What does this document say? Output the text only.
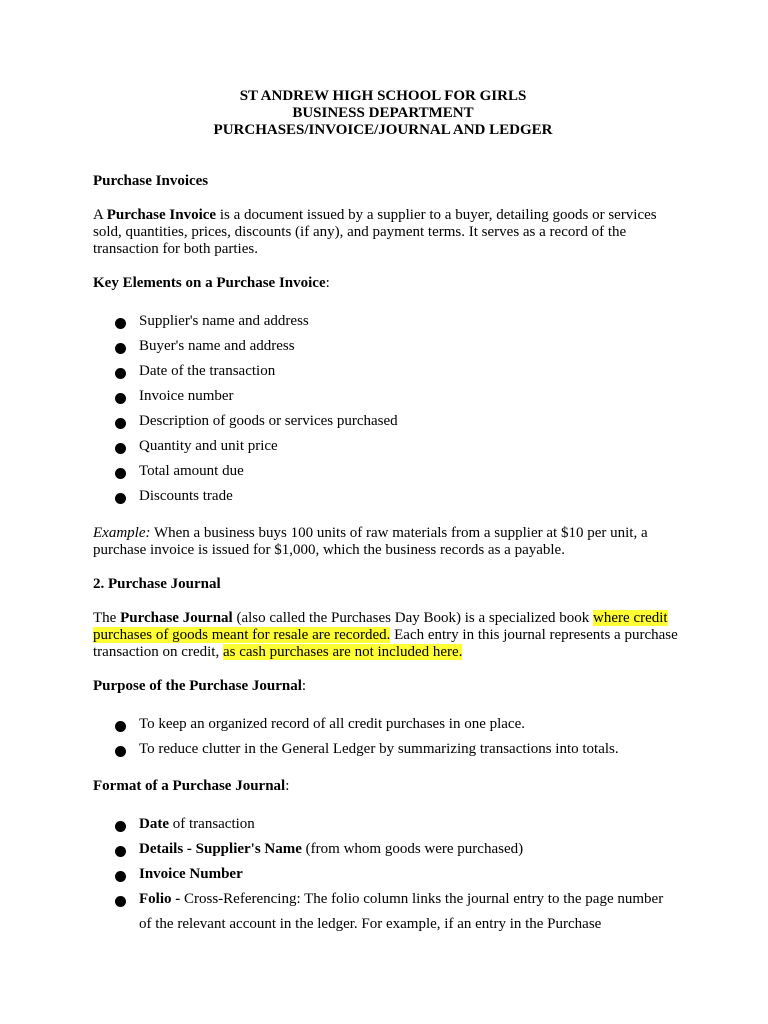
ST ANDREW HIGH SCHOOL FOR GIRLS
BUSINESS DEPARTMENT
PURCHASES/INVOICE/JOURNAL AND LEDGER
Purchase Invoices

A Purchase Invoice is a document issued by a supplier to a buyer, detailing goods or services sold, quantities, prices, discounts (if any), and payment terms. It serves as a record of the transaction for both parties.

Key Elements on a Purchase Invoice:

Supplier's name and address
Buyer's name and address
Date of the transaction
Invoice number
Description of goods or services purchased
Quantity and unit price
Total amount due
Discounts trade

Example: When a business buys 100 units of raw materials from a supplier at $10 per unit, a purchase invoice is issued for $1,000, which the business records as a payable.

2. Purchase Journal

The Purchase Journal (also called the Purchases Day Book) is a specialized book where credit purchases of goods meant for resale are recorded. Each entry in this journal represents a purchase transaction on credit, as cash purchases are not included here.

Purpose of the Purchase Journal:

To keep an organized record of all credit purchases in one place.
To reduce clutter in the General Ledger by summarizing transactions into totals.

Format of a Purchase Journal:

Date of transaction
Details - Supplier's Name (from whom goods were purchased)
Invoice Number
Folio - Cross-Referencing: The folio column links the journal entry to the page number of the relevant account in the ledger. For example, if an entry in the Purchase
